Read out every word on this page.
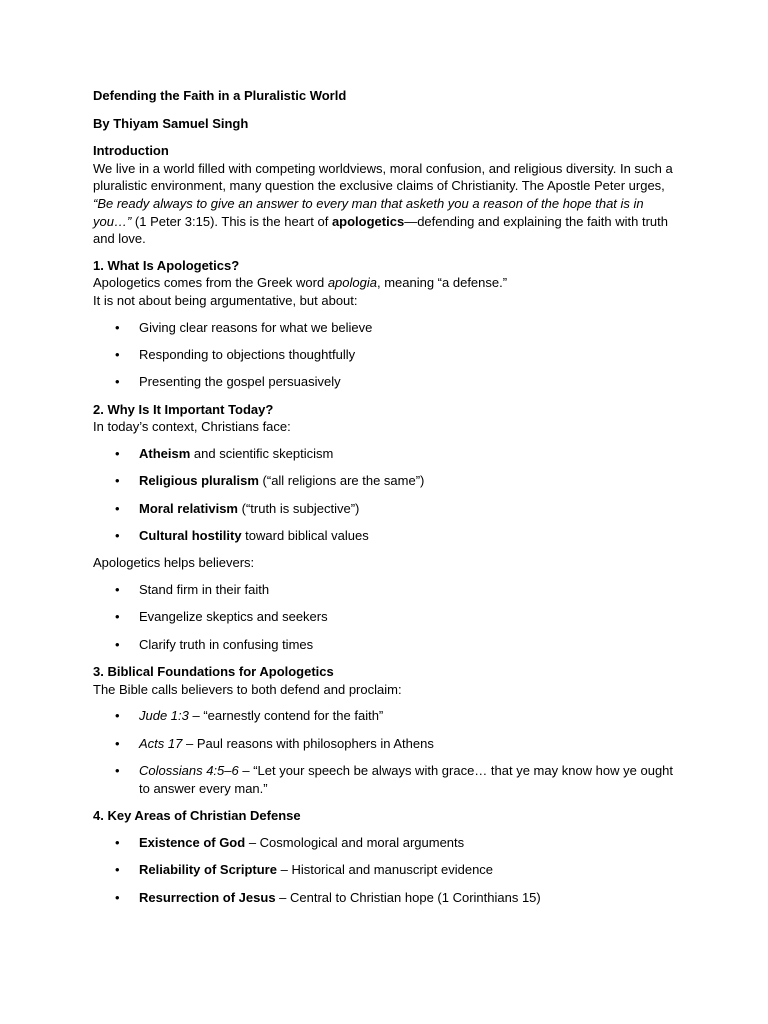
Defending the Faith in a Pluralistic World

By Thiyam Samuel Singh

Introduction

We live in a world filled with competing worldviews, moral confusion, and religious diversity. In such a pluralistic environment, many question the exclusive claims of Christianity. The Apostle Peter urges, “Be ready always to give an answer to every man that asketh you a reason of the hope that is in you…” (1 Peter 3:15). This is the heart of apologetics—defending and explaining the faith with truth and love.

1. What Is Apologetics?

Apologetics comes from the Greek word apologia, meaning “a defense.”

It is not about being argumentative, but about:

• Giving clear reasons for what we believe
• Responding to objections thoughtfully
• Presenting the gospel persuasively

2. Why Is It Important Today?

In today’s context, Christians face:

• Atheism and scientific skepticism
• Religious pluralism (“all religions are the same”)
• Moral relativism (“truth is subjective”)
• Cultural hostility toward biblical values

Apologetics helps believers:

• Stand firm in their faith
• Evangelize skeptics and seekers
• Clarify truth in confusing times

3. Biblical Foundations for Apologetics

The Bible calls believers to both defend and proclaim:

• Jude 1:3 – “earnestly contend for the faith”
• Acts 17 – Paul reasons with philosophers in Athens
• Colossians 4:5–6 – “Let your speech be always with grace… that ye may know how ye ought to answer every man.”

4. Key Areas of Christian Defense

• Existence of God – Cosmological and moral arguments
• Reliability of Scripture – Historical and manuscript evidence
• Resurrection of Jesus – Central to Christian hope (1 Corinthians 15)
